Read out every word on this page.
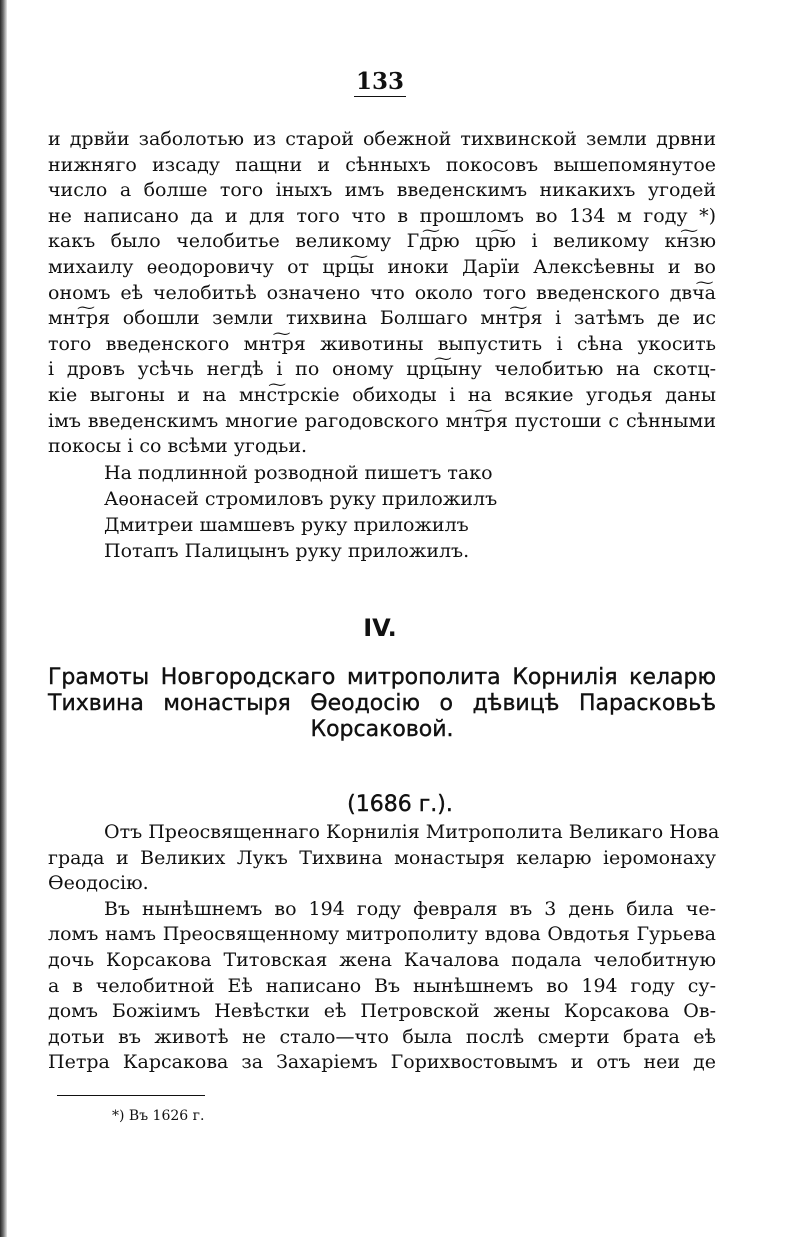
133
и дрвйи заболотью из старой обежной тихвинской земли дрвни
нижняго изсаду пащни и сѣнныхъ покосовъ вышепомянутое
число а болше того іныхъ имъ введенскимъ никакихъ угодей
не написано да и для того что в прошломъ во 134 м году *)
какъ было челобитье великому Гд͠рю цр͠ю і великому кн͠зю
михаилу ѳеодоровичу от црц͠ы иноки Дарїи Алексѣевны и во
ономъ еѣ челобитьѣ означено что около того введенского двч͠а
мнт͠ря обошли земли тихвина Болшаго мнт͠ря і затѣмъ де ис
того введенского мнт͠ря животины выпустить і сѣна укосить
і дровъ усѣчь негдѣ і по оному црц͠ыну челобитью на скотц-
кіе выгоны и на мнс͠трскіе обиходы і на всякие угодья даны
імъ введенскимъ многие рагодовского мнт͠ря пустоши с сѣнными
покосы і со всѣми угодьи.
На подлинной розводной пишетъ тако
Аѳонасей стромиловъ руку приложилъ
Дмитреи шамшевъ руку приложилъ
Потапъ Палицынъ руку приложилъ.
IV.
Грамоты Новгородскаго митрополита Корнилія келарю
Тихвина монастыря Ѳеодосію о дѣвицѣ Парасковьѣ
Корсаковой.
(1686 г.).
Отъ Преосвященнаго Корнилія Митрополита Великаго Нова
града и Великих Лукъ Тихвина монастыря келарю іеромонаху
Ѳеодосію.
Въ нынѣшнемъ во 194 году февраля въ 3 день била че-
ломъ намъ Преосвященному митрополиту вдова Овдотья Гурьева
дочь Корсакова Титовская жена Качалова подала челобитную
а в челобитной Еѣ написано Въ нынѣшнемъ во 194 году су-
домъ Божіимъ Невѣстки еѣ Петровской жены Корсакова Ов-
дотьи въ животѣ не стало—что была послѣ смерти брата еѣ
Петра Карсакова за Захаріемъ Горихвостовымъ и отъ неи де
*) Въ 1626 г.
